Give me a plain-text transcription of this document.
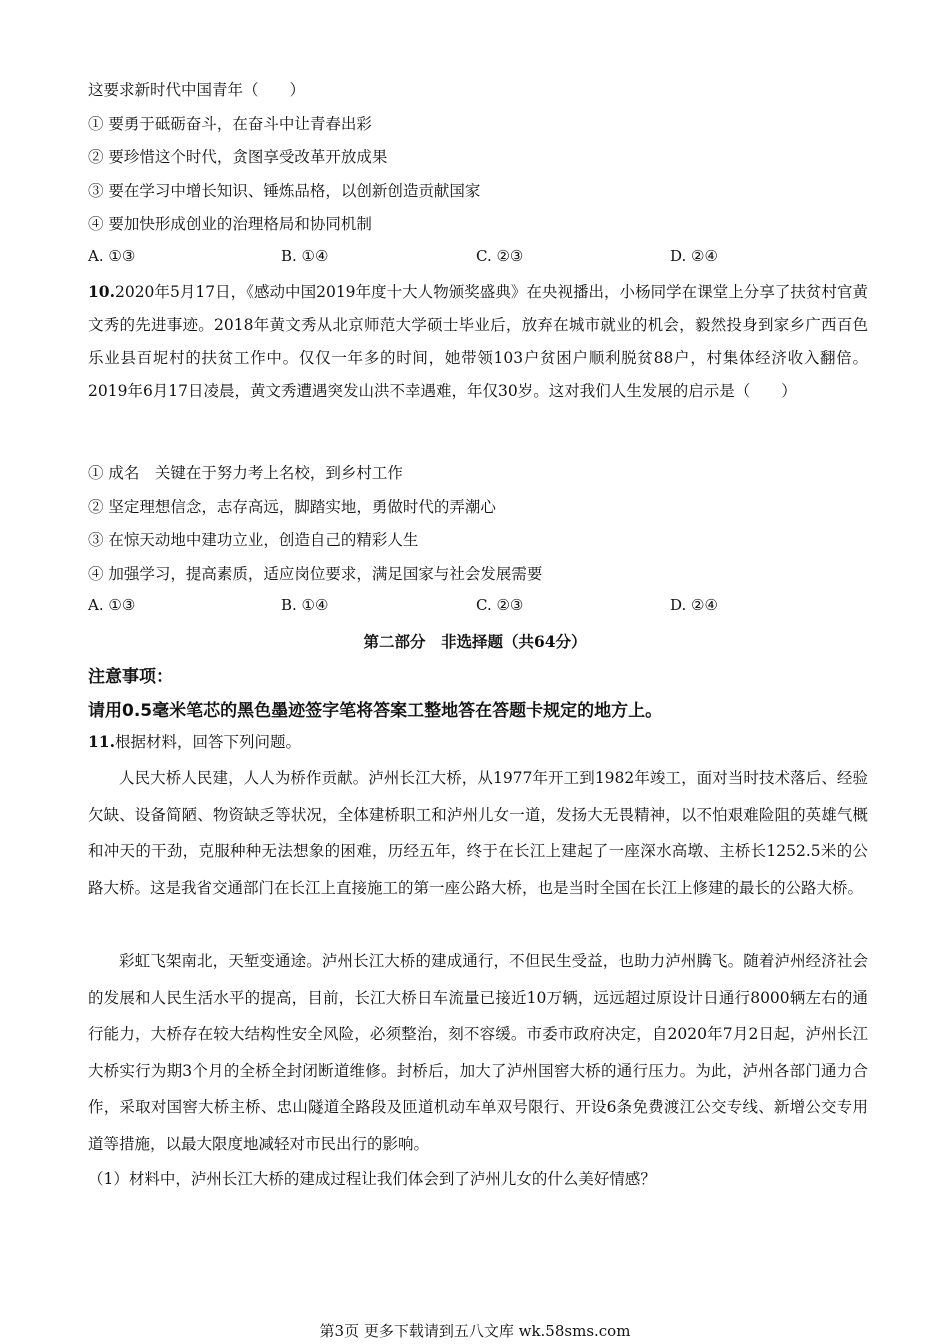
这要求新时代中国青年（　　）
① 要勇于砥砺奋斗，在奋斗中让青春出彩
② 要珍惜这个时代，贪图享受改革开放成果
③ 要在学习中增长知识、锤炼品格，以创新创造贡献国家
④ 要加快形成创业的治理格局和协同机制
A. ①③	B. ①④	C. ②③	D. ②④
10.2020年5月17日，《感动中国2019年度十大人物颁奖盛典》在央视播出，小杨同学在课堂上分享了扶贫村官黄文秀的先进事迹。2018年黄文秀从北京师范大学硕士毕业后，放弃在城市就业的机会，毅然投身到家乡广西百色乐业县百坭村的扶贫工作中。仅仅一年多的时间，她带领103户贫困户顺利脱贫88户，村集体经济收入翻倍。2019年6月17日凌晨，黄文秀遭遇突发山洪不幸遇难，年仅30岁。这对我们人生发展的启示是（　　）
① 成名　关键在于努力考上名校，到乡村工作
② 坚定理想信念，志存高远，脚踏实地，勇做时代的弄潮心
③ 在惊天动地中建功立业，创造自己的精彩人生
④ 加强学习，提高素质，适应岗位要求，满足国家与社会发展需要
A. ①③	B. ①④	C. ②③	D. ②④
第二部分　非选择题（共64分）
注意事项：
请用0.5毫米笔芯的黑色墨迹签字笔将答案工整地答在答题卡规定的地方上。
11.根据材料，回答下列问题。
人民大桥人民建，人人为桥作贡献。泸州长江大桥，从1977年开工到1982年竣工，面对当时技术落后、经验欠缺、设备简陋、物资缺乏等状况，全体建桥职工和泸州儿女一道，发扬大无畏精神，以不怕艰难险阻的英雄气概和冲天的干劲，克服种种无法想象的困难，历经五年，终于在长江上建起了一座深水高墩、主桥长1252.5米的公路大桥。这是我省交通部门在长江上直接施工的第一座公路大桥，也是当时全国在长江上修建的最长的公路大桥。
彩虹飞架南北，天堑变通途。泸州长江大桥的建成通行，不但民生受益，也助力泸州腾飞。随着泸州经济社会的发展和人民生活水平的提高，目前，长江大桥日车流量已接近10万辆，远远超过原设计日通行8000辆左右的通行能力，大桥存在较大结构性安全风险，必须整治，刻不容缓。市委市政府决定，自2020年7月2日起，泸州长江大桥实行为期3个月的全桥全封闭断道维修。封桥后，加大了泸州国窖大桥的通行压力。为此，泸州各部门通力合作，采取对国窖大桥主桥、忠山隧道全路段及匝道机动车单双号限行、开设6条免费渡江公交专线、新增公交专用道等措施，以最大限度地减轻对市民出行的影响。
（1）材料中，泸州长江大桥的建成过程让我们体会到了泸州儿女的什么美好情感？
第3页 更多下载请到五八文库 wk.58sms.com
